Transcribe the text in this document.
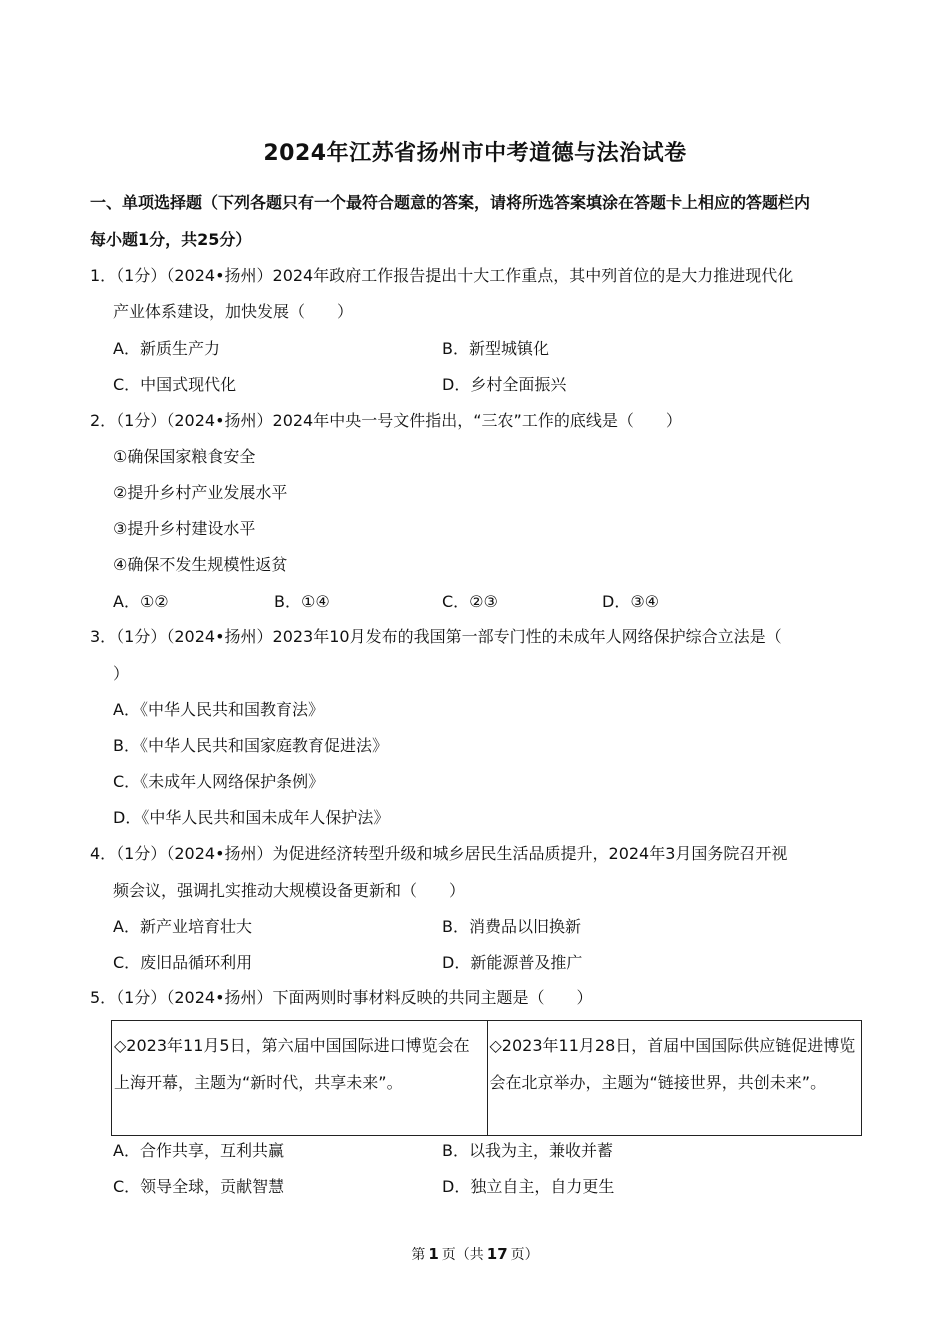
2024年江苏省扬州市中考道德与法治试卷
一、单项选择题（下列各题只有一个最符合题意的答案，请将所选答案填涂在答题卡上相应的答题栏内
每小题1分，共25分）
1．（1分）（2024•扬州）2024年政府工作报告提出十大工作重点，其中列首位的是大力推进现代化
产业体系建设，加快发展（　　）
A．新质生产力	B．新型城镇化
C．中国式现代化	D．乡村全面振兴
2．（1分）（2024•扬州）2024年中央一号文件指出，“三农”工作的底线是（　　）
①确保国家粮食安全
②提升乡村产业发展水平
③提升乡村建设水平
④确保不发生规模性返贫
A．①②	B．①④	C．②③	D．③④
3．（1分）（2024•扬州）2023年10月发布的我国第一部专门性的未成年人网络保护综合立法是（
）
A．《中华人民共和国教育法》
B．《中华人民共和国家庭教育促进法》
C．《未成年人网络保护条例》
D．《中华人民共和国未成年人保护法》
4．（1分）（2024•扬州）为促进经济转型升级和城乡居民生活品质提升，2024年3月国务院召开视
频会议，强调扎实推动大规模设备更新和（　　）
A．新产业培育壮大	B．消费品以旧换新
C．废旧品循环利用	D．新能源普及推广
5．（1分）（2024•扬州）下面两则时事材料反映的共同主题是（　　）
◇2023年11月5日，第六届中国国际进口博览会在上海开幕，主题为“新时代，共享未来”。
◇2023年11月28日，首届中国国际供应链促进博览会在北京举办，主题为“链接世界，共创未来”。
A．合作共享，互利共赢	B．以我为主，兼收并蓄
C．领导全球，贡献智慧	D．独立自主，自力更生
第 1 页（共 17 页）
